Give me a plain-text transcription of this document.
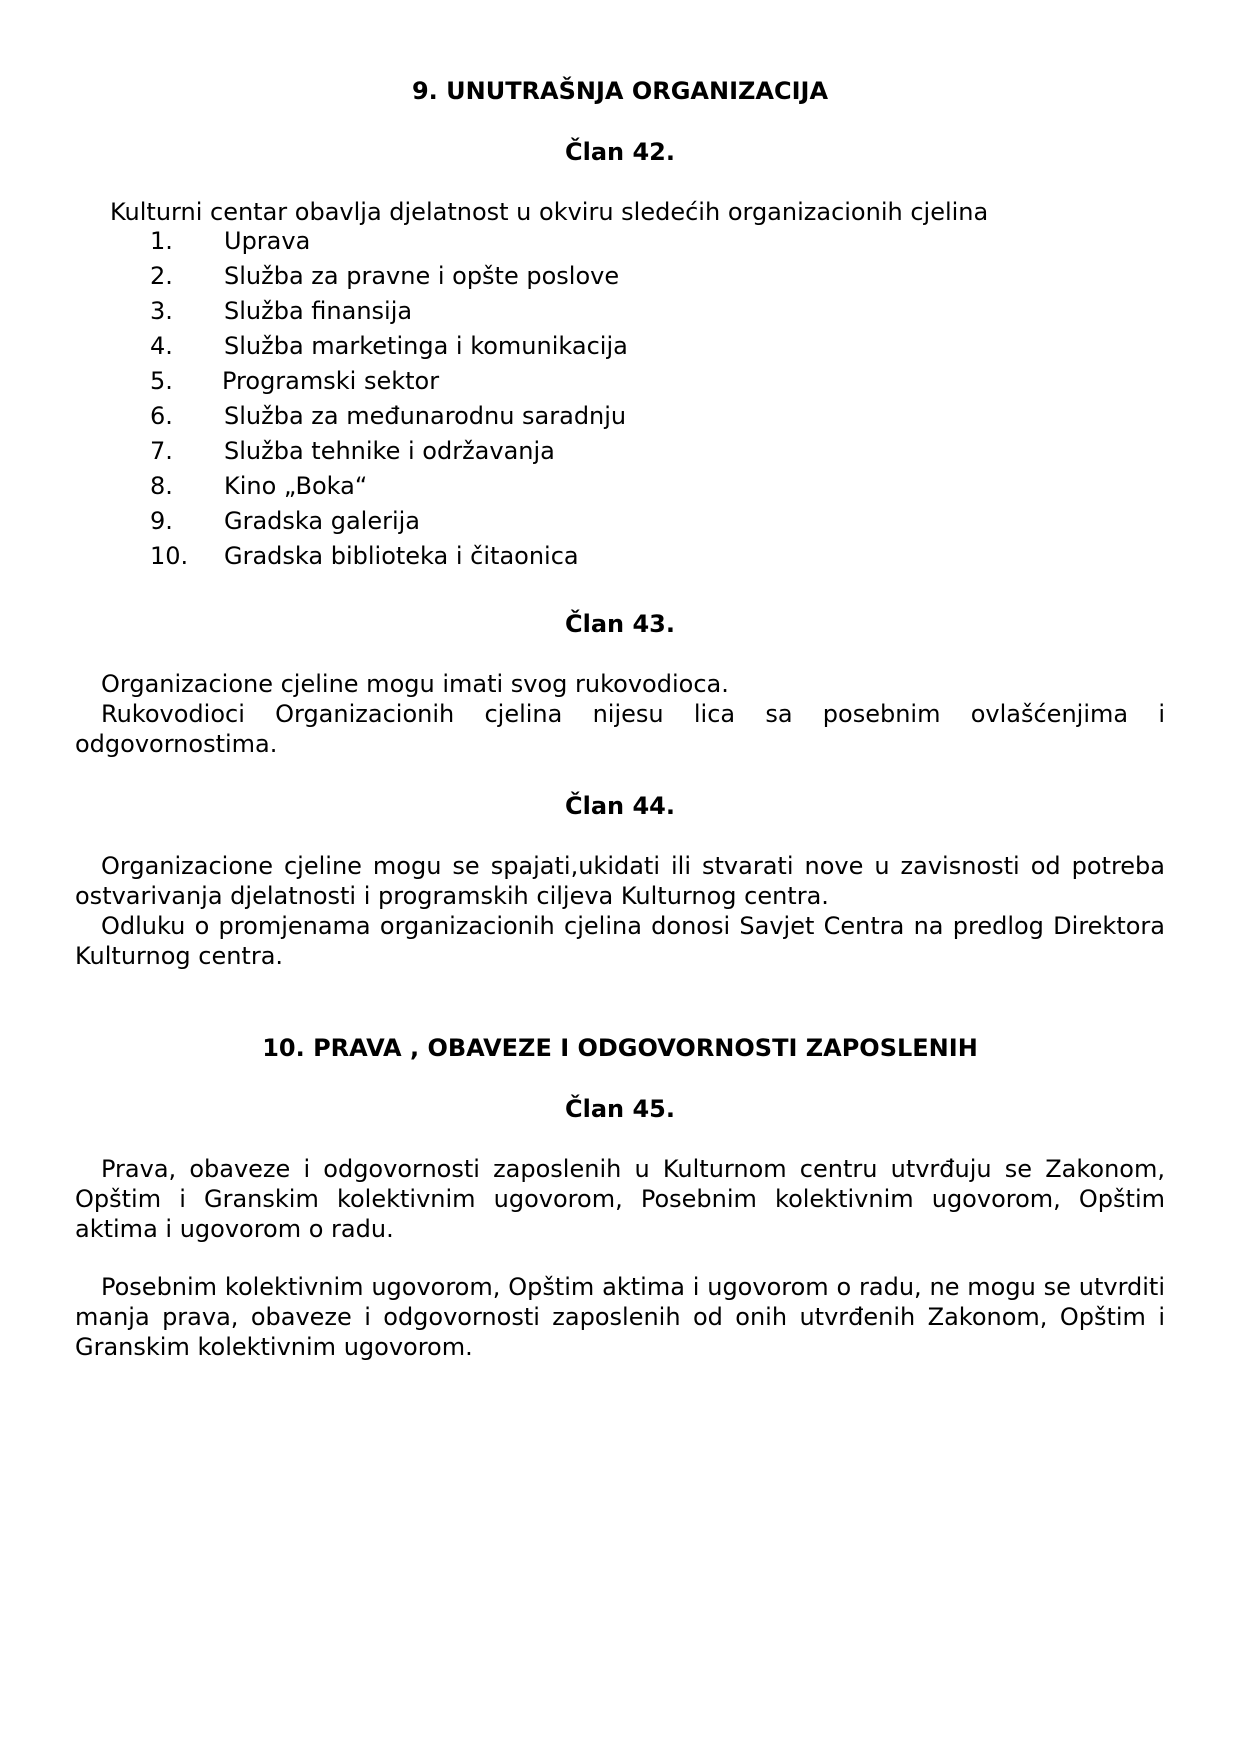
9. UNUTRAŠNJA ORGANIZACIJA
Član 42.

Kulturni centar obavlja djelatnost u okviru sledećih organizacionih cjelina

1. Uprava
2. Služba za pravne i opšte poslove
3. Služba finansija
4. Služba marketinga i komunikacija
5. Programski sektor
6. Služba za međunarodnu saradnju
7. Služba tehnike i održavanja
8. Kino „Boka“
9. Gradska galerija
10. Gradska biblioteka i čitaonica
Član 43.

Organizacione cjeline mogu imati svog rukovodioca.

Rukovodioci Organizacionih cjelina nijesu lica sa posebnim ovlašćenjima i odgovornostima.

Član 44.

Organizacione cjeline mogu se spajati,ukidati ili stvarati nove u zavisnosti od potreba ostvarivanja djelatnosti i programskih ciljeva Kulturnog centra.

Odluku o promjenama organizacionih cjelina donosi Savjet Centra na predlog Direktora Kulturnog centra.

10. PRAVA , OBAVEZE I ODGOVORNOSTI ZAPOSLENIH
Član 45.

Prava, obaveze i odgovornosti zaposlenih u Kulturnom centru utvrđuju se Zakonom, Opštim i Granskim kolektivnim ugovorom, Posebnim kolektivnim ugovorom, Opštim aktima i ugovorom o radu.

Posebnim kolektivnim ugovorom, Opštim aktima i ugovorom o radu, ne mogu se utvrditi manja prava, obaveze i odgovornosti zaposlenih od onih utvrđenih Zakonom, Opštim i Granskim kolektivnim ugovorom.
